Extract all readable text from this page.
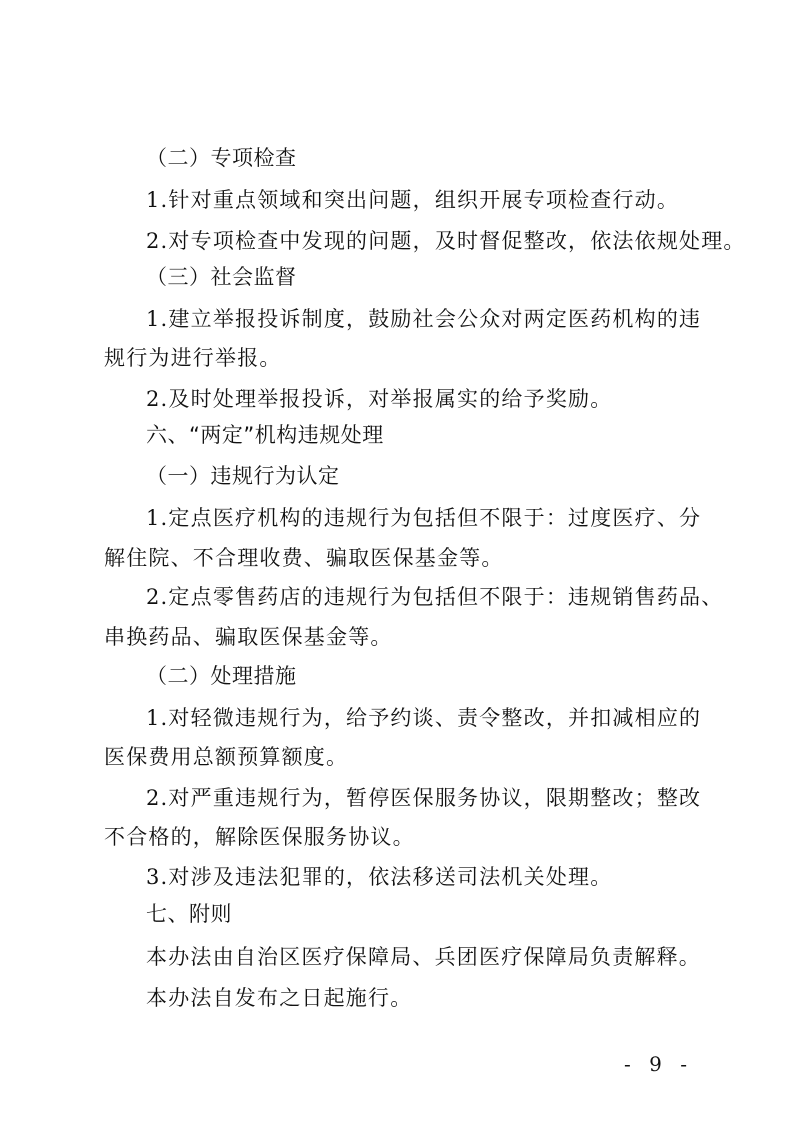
（二）专项检查
1.针对重点领域和突出问题，组织开展专项检查行动。
2.对专项检查中发现的问题，及时督促整改，依法依规处理。
（三）社会监督
1.建立举报投诉制度，鼓励社会公众对两定医药机构的违
规行为进行举报。
2.及时处理举报投诉，对举报属实的给予奖励。
六、“两定”机构违规处理
（一）违规行为认定
1.定点医疗机构的违规行为包括但不限于：过度医疗、分
解住院、不合理收费、骗取医保基金等。
2.定点零售药店的违规行为包括但不限于：违规销售药品、
串换药品、骗取医保基金等。
（二）处理措施
1.对轻微违规行为，给予约谈、责令整改，并扣减相应的
医保费用总额预算额度。
2.对严重违规行为，暂停医保服务协议，限期整改；整改
不合格的，解除医保服务协议。
3.对涉及违法犯罪的，依法移送司法机关处理。
七、附则
本办法由自治区医疗保障局、兵团医疗保障局负责解释。
本办法自发布之日起施行。
- 9 -
